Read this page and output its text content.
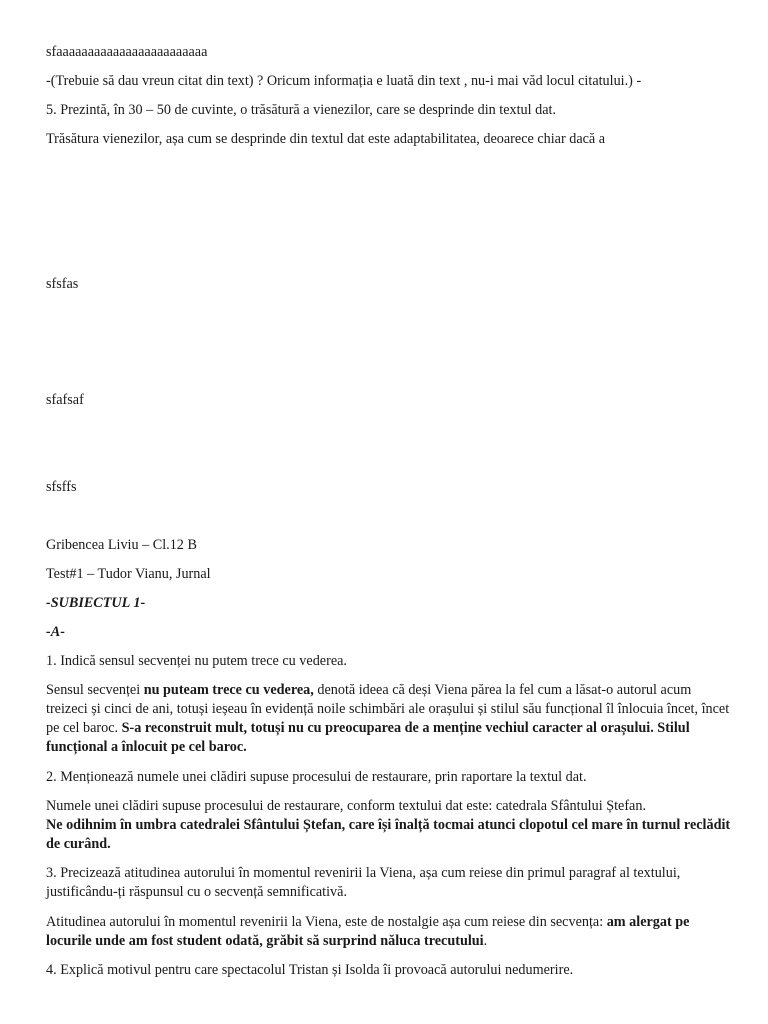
sfaaaaaaaaaaaaaaaaaaaaaaaa

-(Trebuie să dau vreun citat din text) ? Oricum informația e luată din text , nu-i mai văd locul citatului.) -

5. Prezintă, în 30 – 50 de cuvinte, o trăsătură a vienezilor, care se desprinde din textul dat.

Trăsătura vienezilor, așa cum se desprinde din textul dat este adaptabilitatea, deoarece chiar dacă a

sfsfas

sfafsaf

sfsffs

Gribencea Liviu – Cl.12 B

Test#1 – Tudor Vianu, Jurnal

-SUBIECTUL 1-

-A-

1. Indică sensul secvenței nu putem trece cu vederea.

Sensul secvenței nu puteam trece cu vederea, denotă ideea că deși Viena părea la fel cum a lăsat-o autorul acum treizeci și cinci de ani, totuși ieșeau în evidență noile schimbări ale orașului și stilul său funcțional îl înlocuia încet, încet pe cel baroc. S-a reconstruit mult, totuși nu cu preocuparea de a menține vechiul caracter al orașului. Stilul funcțional a înlocuit pe cel baroc.

2. Menționează numele unei clădiri supuse procesului de restaurare, prin raportare la textul dat.

Numele unei clădiri supuse procesului de restaurare, conform textului dat este: catedrala Sfântului Ștefan.
Ne odihnim în umbra catedralei Sfântului Ștefan, care își înalță tocmai atunci clopotul cel mare în turnul reclădit de curând.

3. Precizează atitudinea autorului în momentul revenirii la Viena, așa cum reiese din primul paragraf al textului, justificându-ți răspunsul cu o secvență semnificativă.

Atitudinea autorului în momentul revenirii la Viena, este de nostalgie așa cum reiese din secvența: am alergat pe locurile unde am fost student odată, grăbit să surprind nălucа trecutului.

4. Explică motivul pentru care spectacolul Tristan și Isolda îi provoacă autorului nedumerire.
